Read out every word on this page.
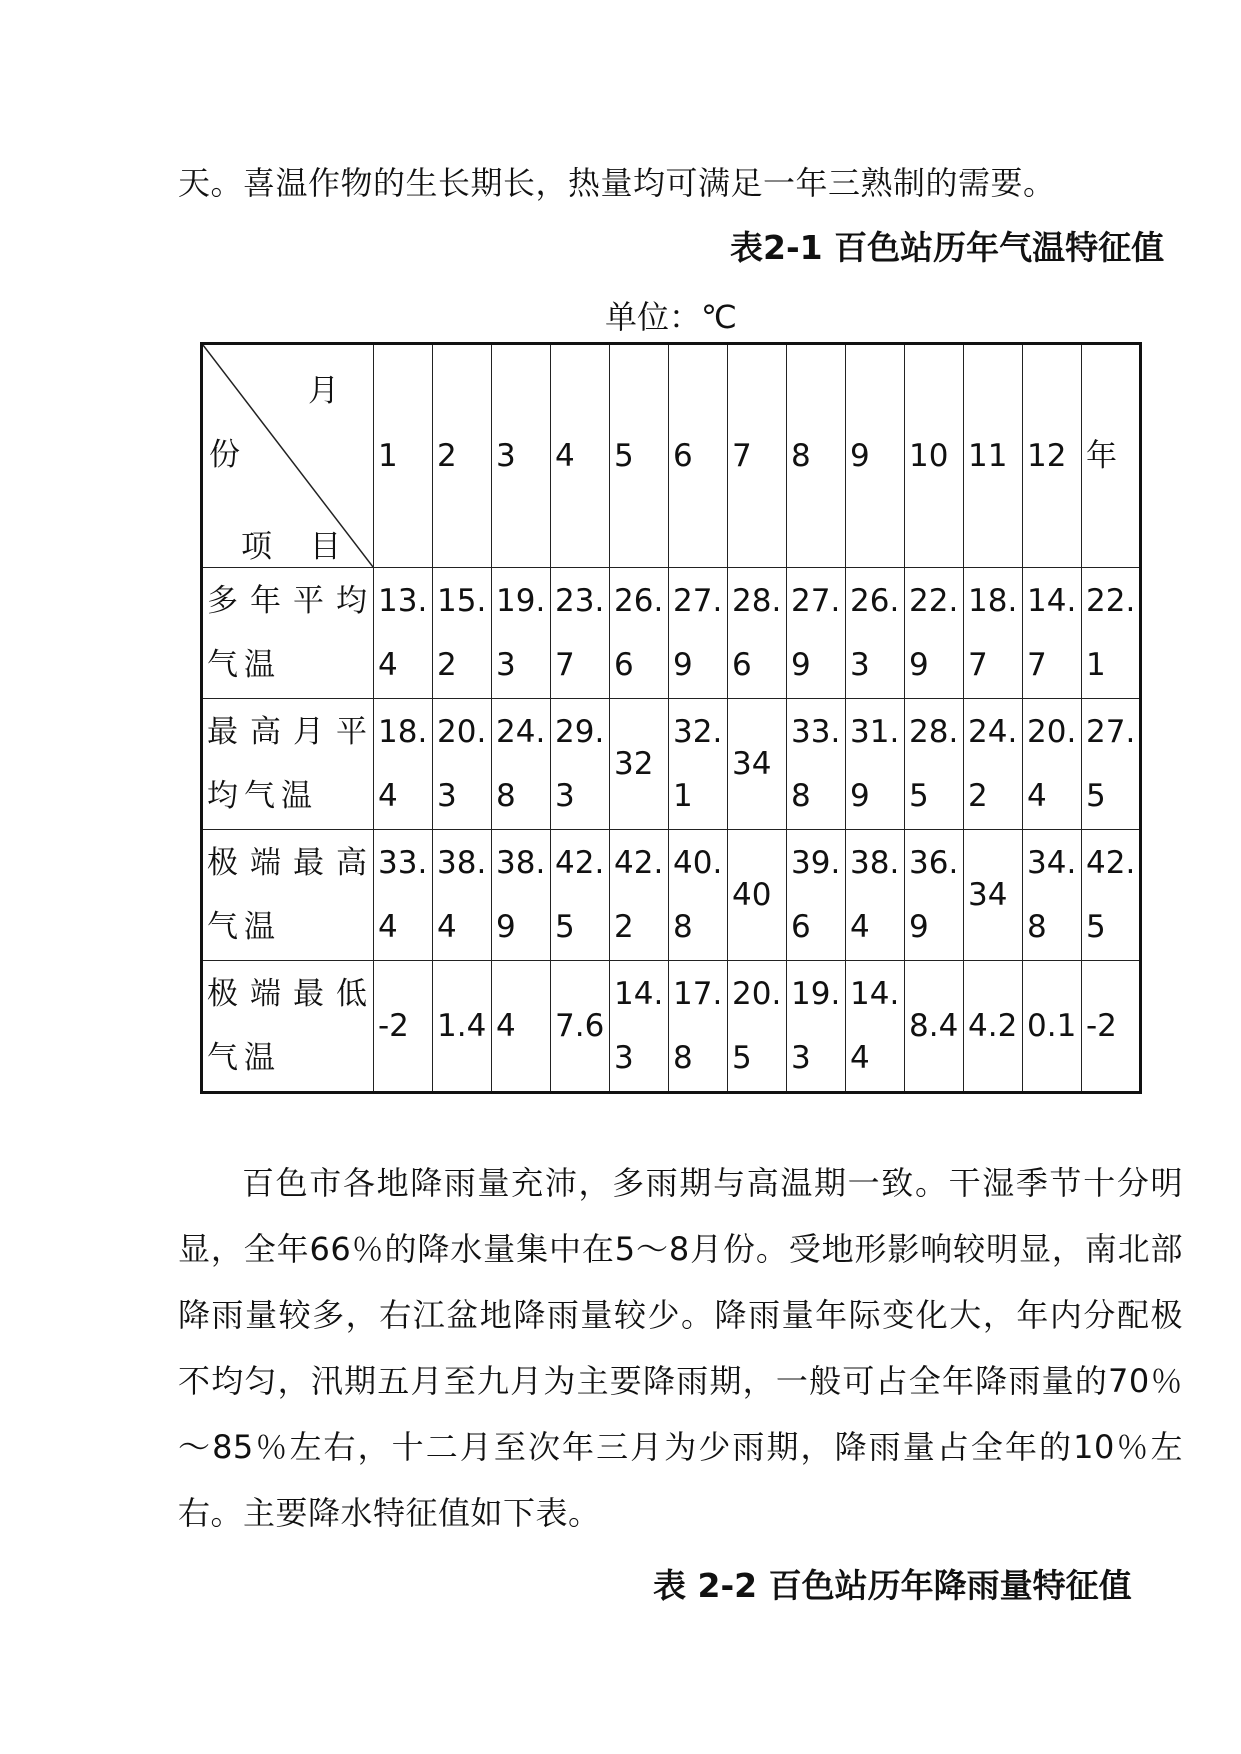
天。喜温作物的生长期长，热量均可满足一年三熟制的需要。
表2-1 百色站历年气温特征值
单位：℃
月
份
项 目	1	2	3	4	5	6	7	8	9	10	11	12	年
多年平均气温	13.4	15.2	19.3	23.7	26.6	27.9	28.6	27.9	26.3	22.9	18.7	14.7	22.1
最高月平均气温	18.4	20.3	24.8	29.3	32	32.1	34	33.8	31.9	28.5	24.2	20.4	27.5
极端最高气温	33.4	38.4	38.9	42.5	42.2	40.8	40	39.6	38.4	36.9	34	34.8	42.5
极端最低气温	-2	1.4	4	7.6	14.3	17.8	20.5	19.3	14.4	8.4	4.2	0.1	-2
百色市各地降雨量充沛，多雨期与高温期一致。干湿季节十分明显，全年66％的降水量集中在5～8月份。受地形影响较明显，南北部降雨量较多，右江盆地降雨量较少。降雨量年际变化大，年内分配极不均匀，汛期五月至九月为主要降雨期，一般可占全年降雨量的70％～85％左右，十二月至次年三月为少雨期，降雨量占全年的10％左右。主要降水特征值如下表。
表 2-2 百色站历年降雨量特征值
